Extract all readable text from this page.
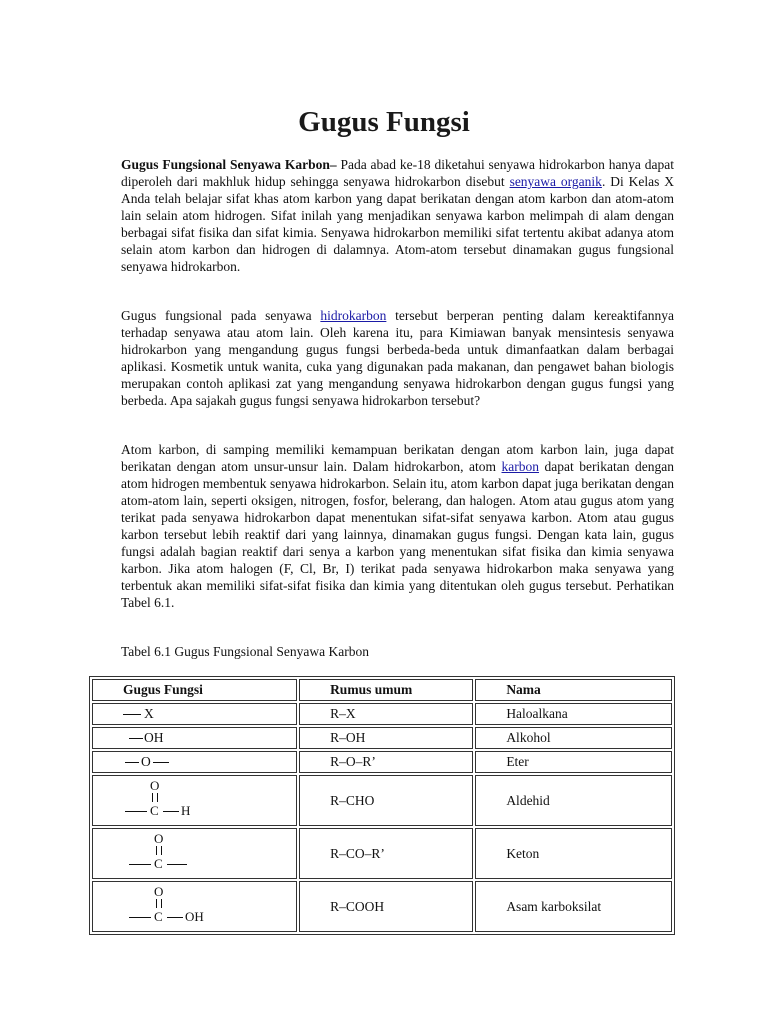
Gugus Fungsi

Gugus Fungsional Senyawa Karbon– Pada abad ke-18 diketahui senyawa hidrokarbon hanya dapat diperoleh dari makhluk hidup sehingga senyawa hidrokarbon disebut senyawa organik. Di Kelas X Anda telah belajar sifat khas atom karbon yang dapat berikatan dengan atom karbon dan atom-atom lain selain atom hidrogen. Sifat inilah yang menjadikan senyawa karbon melimpah di alam dengan berbagai sifat fisika dan sifat kimia. Senyawa hidrokarbon memiliki sifat tertentu akibat adanya atom selain atom karbon dan hidrogen di dalamnya. Atom-atom tersebut dinamakan gugus fungsional senyawa hidrokarbon.

Gugus fungsional pada senyawa hidrokarbon tersebut berperan penting dalam kereaktifannya terhadap senyawa atau atom lain. Oleh karena itu, para Kimiawan banyak mensintesis senyawa hidrokarbon yang mengandung gugus fungsi berbeda-beda untuk dimanfaatkan dalam berbagai aplikasi. Kosmetik untuk wanita, cuka yang digunakan pada makanan, dan pengawet bahan biologis merupakan contoh aplikasi zat yang mengandung senyawa hidrokarbon dengan gugus fungsi yang berbeda. Apa sajakah gugus fungsi senyawa hidrokarbon tersebut?

Atom karbon, di samping memiliki kemampuan berikatan dengan atom karbon lain, juga dapat berikatan dengan atom unsur-unsur lain. Dalam hidrokarbon, atom karbon dapat berikatan dengan atom hidrogen membentuk senyawa hidrokarbon. Selain itu, atom karbon dapat juga berikatan dengan atom-atom lain, seperti oksigen, nitrogen, fosfor, belerang, dan halogen. Atom atau gugus atom yang terikat pada senyawa hidrokarbon dapat menentukan sifat-sifat senyawa karbon. Atom atau gugus karbon tersebut lebih reaktif dari yang lainnya, dinamakan gugus fungsi. Dengan kata lain, gugus fungsi adalah bagian reaktif dari senya a karbon yang menentukan sifat fisika dan kimia senyawa karbon. Jika atom halogen (F, Cl, Br, I) terikat pada senyawa hidrokarbon maka senyawa yang terbentuk akan memiliki sifat-sifat fisika dan kimia yang ditentukan oleh gugus tersebut. Perhatikan Tabel 6.1.

Tabel 6.1 Gugus Fungsional Senyawa Karbon

Gugus Fungsi	Rumus umum	Nama

X	R–X	Haloalkana

OH	R–OH	Alkohol

O	R–O–R’	Eter

O
C H	R–CHO	Aldehid

O
C	R–CO–R’	Keton

O
C OH	R–COOH	Asam karboksilat
